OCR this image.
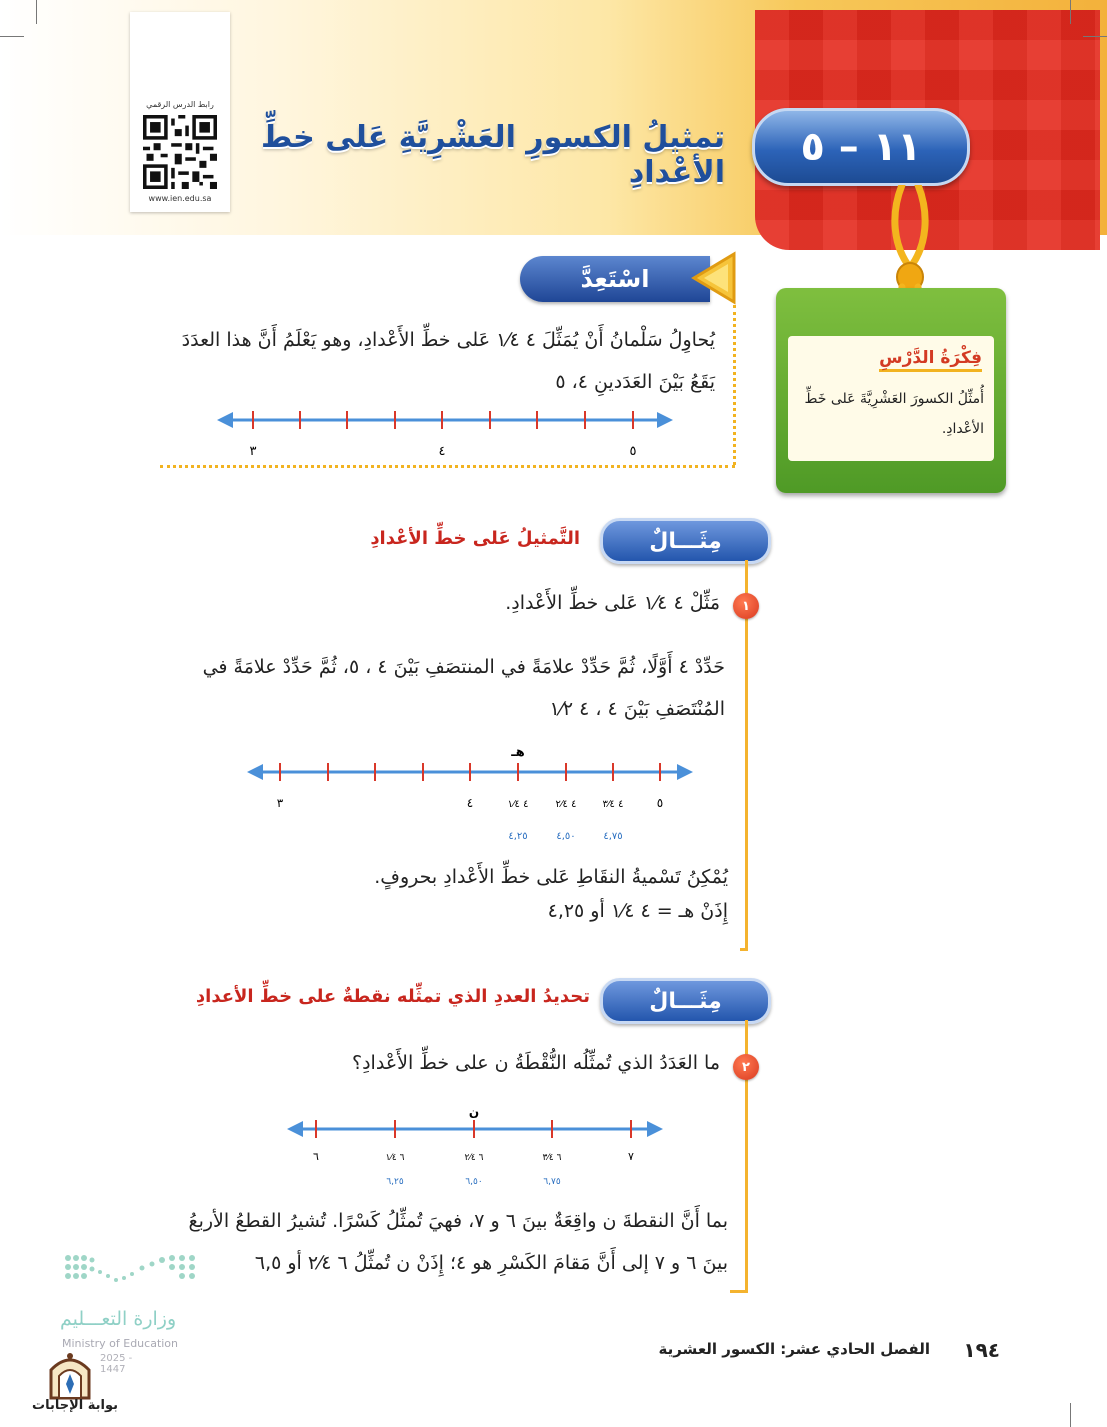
رابط الدرس الرقمي
www.ien.edu.sa
تمثيلُ الكسورِ العَشْرِيَّةِ عَلى خطِّ الأعْدادِ
١١ – ٥
فِكْرَةُ الدَّرْسِ
أُمثِّلُ الكسورَ العَشْرِيَّةَ عَلى خَطِّ الأعْدادِ.
اسْتَعِدَّ
يُحاوِلُ سَلْمانُ أَنْ يُمَثِّلَ ٤ ١⁄٤ عَلى خطِّ الأَعْدادِ، وهو يَعْلَمُ أَنَّ هذا العدَدَ
يَقَعُ بَيْنَ العَدَدينِ ٤، ٥
٣	٤	٥
مِثَـــالٌ
التَّمثيلُ عَلى خطِّ الأعْدادِ
١
مَثِّلْ ٤ ١⁄٤ عَلى خطِّ الأَعْدادِ.
حَدِّدْ ٤ أَوَّلًا، ثُمَّ حَدِّدْ علامَةً في المنتصَفِ بَيْنَ ٤ ، ٥، ثُمَّ حَدِّدْ علامَةً في
المُنْتَصَفِ بَيْنَ ٤ ، ٤ ١⁄٢
هـ
٣	٤	٤ ١⁄٤	٤ ٢⁄٤	٤ ٣⁄٤	٥
٤,٢٥	٤,٥٠	٤,٧٥
يُمْكِنُ تَسْميةُ النقَاطِ عَلى خطِّ الأَعْدادِ بحروفٍ.
إِذَنْ هـ = ٤ ١⁄٤ أو ٤,٢٥
مِثَـــالٌ
تحديدُ العددِ الذي تمثِّله نقطةٌ على خطِّ الأعدادِ
٢
ما العَدَدُ الذي تُمثِّلُه النُّقْطَةُ ن على خطِّ الأَعْدادِ؟
ن
٦	٦ ١⁄٤	٦ ٢⁄٤	٦ ٣⁄٤	٧
٦,٢٥	٦,٥٠	٦,٧٥
بما أَنَّ النقطةَ ن واقِعَةٌ بينَ ٦ و ٧، فهيَ تُمثِّلُ كَسْرًا. تُشيرُ القطعُ الأربعُ
بينَ ٦ و ٧ إلى أَنَّ مَقامَ الكَسْرِ هو ٤؛ إِذَنْ ن تُمثِّلُ ٦ ٢⁄٤ أو ٦,٥
وزارة التعـــليم
Ministry of Education
2025 - 1447
بوابة الإجابات
الفصل الحادي عشر: الكسور العشرية	١٩٤
